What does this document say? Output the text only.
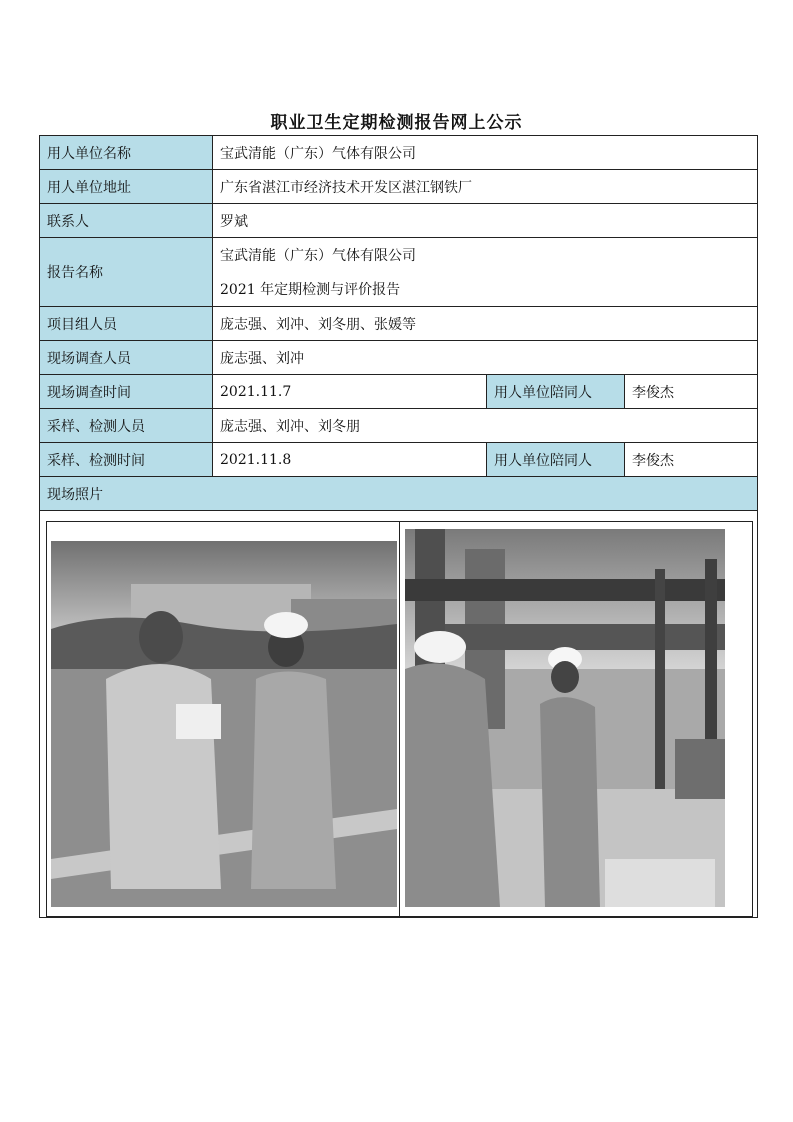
职业卫生定期检测报告网上公示
用人单位名称	宝武清能（广东）气体有限公司		
用人单位地址	广东省湛江市经济技术开发区湛江钢铁厂		
联系人	罗斌		
报告名称	宝武清能（广东）气体有限公司
2021 年定期检测与评价报告		

项目组人员	庞志强、刘冲、刘冬朋、张媛等		
现场调查人员	庞志强、刘冲		
现场调查时间	2021.11.7	用人单位陪同人	李俊杰
采样、检测人员	庞志强、刘冲、刘冬朋		
采样、检测时间	2021.11.8	用人单位陪同人	李俊杰
现场照片			
